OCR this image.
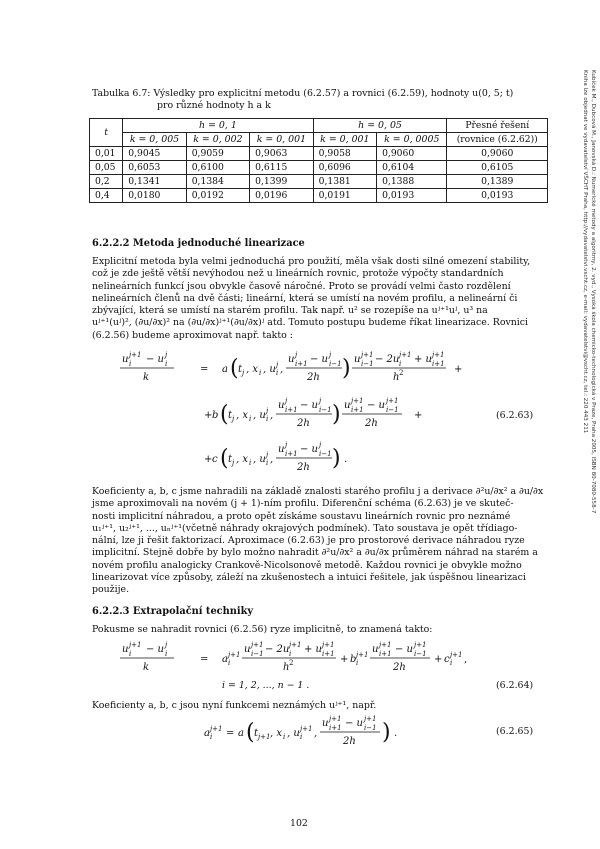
Tabulka 6.7: Výsledky pro explicitní metodu (6.2.57) a rovnici (6.2.59), hodnoty u(0, 5; t)
pro různé hodnoty h a k
t	h = 0, 1			h = 0, 05		Přesné řešení
	k = 0, 005	k = 0, 002	k = 0, 001	k = 0, 001	k = 0, 0005	(rovnice (6.2.62))
0,01	0,9045	0,9059	0,9063	0,9058	0,9060	0,9060
0,05	0,6053	0,6100	0,6115	0,6096	0,6104	0,6105
0,2	0,1341	0,1384	0,1399	0,1381	0,1388	0,1389
0,4	0,0180	0,0192	0,0196	0,0191	0,0193	0,0193
6.2.2.2 Metoda jednoduché linearizace
Explicitní metoda byla velmi jednoduchá pro použití, měla však dosti silné omezení stability,
což je zde ještě větší nevýhodou než u lineárních rovnic, protože výpočty standardních
nelineárních funkcí jsou obvykle časově náročné. Proto se provádí velmi často rozdělení
nelineárních členů na dvě části; lineární, která se umístí na novém profilu, a nelineární či
zbývající, která se umístí na starém profilu. Tak např. u² se rozepíše na uʲ⁺¹uʲ, u³ na
uʲ⁺¹(uʲ)², (∂u/∂x)² na (∂u/∂x)ʲ⁺¹(∂u/∂x)ʲ atd. Tomuto postupu budeme říkat linearizace. Rovnici
(6.2.56) budeme aproximovat např. takto :
u j+1
i − u j
i
k
= a ( t j , x i , u j
i ,
u j
i+1 − u j
i−1
2h ) u j+1
i−1 − 2u j+1
i + u j+1
i+1
h 2	+
+ b ( t j , x i , u j
i ,
u j
i+1 − u j
i−1
2h ) u j+1
i+1 − u j+1
i−1
2h
+
+ c ( t j , x i , u j
i ,
u j
i+1 − u j
i−1
2h ) .
(6.2.63)
Koeficienty a, b, c jsme nahradili na základě znalosti starého profilu j a derivace ∂²u/∂x² a ∂u/∂x
jsme aproximovali na novém (j + 1)-ním profilu. Diferenční schéma (6.2.63) je ve skuteč-
nosti implicitní náhradou, a proto opět získáme soustavu lineárních rovnic pro neznámé
u₁ʲ⁺¹, u₂ʲ⁺¹, ..., uₙʲ⁺¹(včetně náhrady okrajových podmínek). Tato soustava je opět třídiago-
nální, lze ji řešit faktorizací. Aproximace (6.2.63) je pro prostorové derivace náhradou ryze
implicitní. Stejně dobře by bylo možno nahradit ∂²u/∂x² a ∂u/∂x průměrem náhrad na starém a
novém profilu analogicky Crankově-Nicolsonově metodě. Každou rovnici je obvykle možno
linearizovat více způsoby, záleží na zkušenostech a intuici řešitele, jak úspěšnou linearizaci
použije.
6.2.2.3 Extrapolační techniky
Pokusme se nahradit rovnici (6.2.56) ryze implicitně, to znamená takto:
u j+1
i − u j
i
k
= a j+1
i
u j+1
i−1 − 2u j+1
i + u j+1
i+1
h 2	+ b j+1
i
u j+1
i+1 − u j+1
i−1
2h
+ c j+1
i ,
i = 1, 2, ..., n − 1 .	(6.2.64)
Koeficienty a, b, c jsou nyní funkcemi neznámých uʲ⁺¹, např.
a j+1
i = a ( t j+1 , x i , u j+1
i ,
u j+1
i+1 − u j+1
i−1
2h ) .	(6.2.65)
102
Kubíček M., Dubcová M., Janovská D.: Numerické metody a algoritmy, 2. vyd., Vysoká škola chemicko-technologická v Praze, Praha 2005, ISBN 80-7080-558-7
Kniha lze objednat ve vydavatelství VŠCHT Praha, http://vydavatelstvi.vscht.cz, e-mail: vydavatelstvi@vscht.cz, tel.: 220 443 211
